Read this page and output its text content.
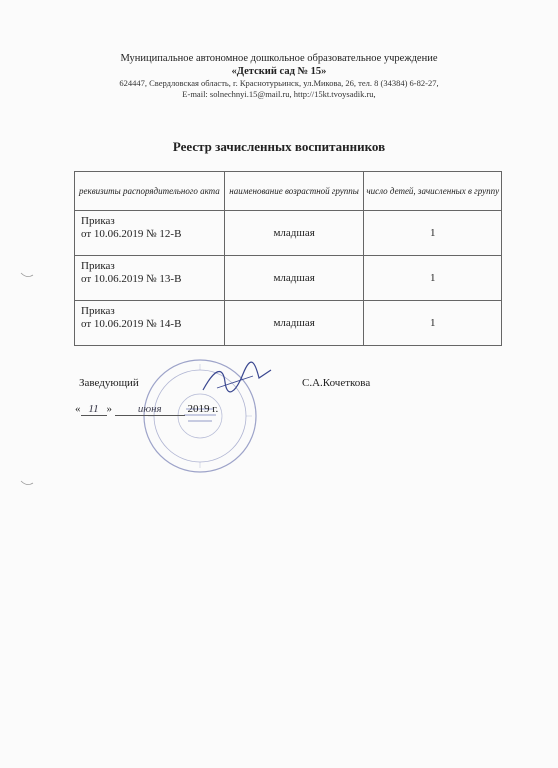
Муниципальное автономное дошкольное образовательное учреждение
«Детский сад № 15»
624447, Свердловская область, г. Краснотурьинск, ул.Микова, 26, тел. 8 (34384) 6-82-27,
E-mail: solnechnyi.15@mail.ru, http://15kt.tvoysadik.ru,
Реестр зачисленных воспитанников
реквизиты распорядительного акта	наименование возрастной группы	число детей, зачисленных в группу

Приказ
от 10.06.2019 № 12-В	младшая	1

Приказ
от 10.06.2019 № 13-В	младшая	1

Приказ
от 10.06.2019 № 14-В	младшая	1
Заведующий	С.А.Кочеткова
« 11 » июня 2019 г.
